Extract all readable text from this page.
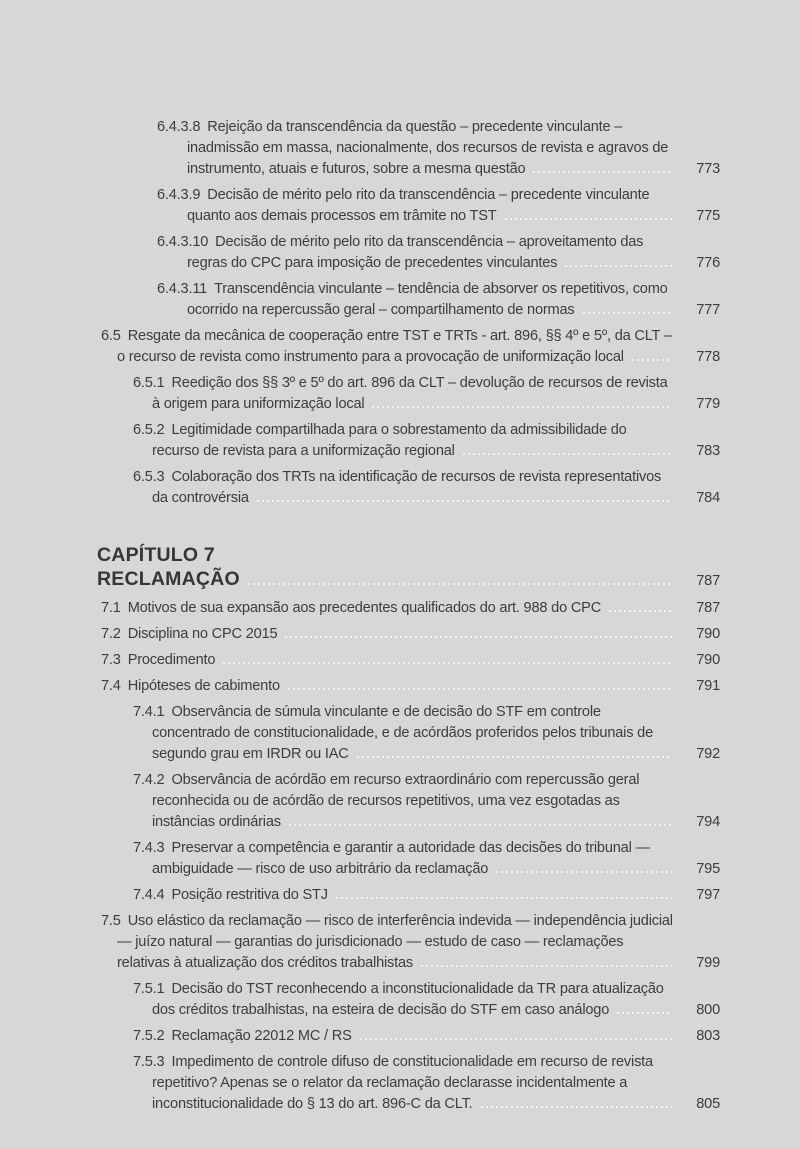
6.4.3.8 Rejeição da transcendência da questão – precedente vinculante – inadmissão em massa, nacionalmente, dos recursos de revista e agravos de instrumento, atuais e futuros, sobre a mesma questão	773
6.4.3.9 Decisão de mérito pelo rito da transcendência – precedente vinculante quanto aos demais processos em trâmite no TST	775
6.4.3.10 Decisão de mérito pelo rito da transcendência – aproveitamento das regras do CPC para imposição de precedentes vinculantes	776
6.4.3.11 Transcendência vinculante – tendência de absorver os repetitivos, como ocorrido na repercussão geral – compartilhamento de normas	777
6.5 Resgate da mecânica de cooperação entre TST e TRTs - art. 896, §§ 4º e 5º, da CLT – o recurso de revista como instrumento para a provocação de uniformização local	778
6.5.1 Reedição dos §§ 3º e 5º do art. 896 da CLT – devolução de recursos de revista à origem para uniformização local	779
6.5.2 Legitimidade compartilhada para o sobrestamento da admissibilidade do recurso de revista para a uniformização regional	783
6.5.3 Colaboração dos TRTs na identificação de recursos de revista representativos da controvérsia	784
CAPÍTULO 7
RECLAMAÇÃO	787
7.1 Motivos de sua expansão aos precedentes qualificados do art. 988 do CPC	787
7.2 Disciplina no CPC 2015	790
7.3 Procedimento	790
7.4 Hipóteses de cabimento	791
7.4.1 Observância de súmula vinculante e de decisão do STF em controle concentrado de constitucionalidade, e de acórdãos proferidos pelos tribunais de segundo grau em IRDR ou IAC	792
7.4.2 Observância de acórdão em recurso extraordinário com repercussão geral reconhecida ou de acórdão de recursos repetitivos, uma vez esgotadas as instâncias ordinárias	794
7.4.3 Preservar a competência e garantir a autoridade das decisões do tribunal — ambiguidade — risco de uso arbitrário da reclamação	795
7.4.4 Posição restritiva do STJ	797
7.5 Uso elástico da reclamação — risco de interferência indevida — independência judicial — juízo natural — garantias do jurisdicionado — estudo de caso — reclamações relativas à atualização dos créditos trabalhistas	799
7.5.1 Decisão do TST reconhecendo a inconstitucionalidade da TR para atualização dos créditos trabalhistas, na esteira de decisão do STF em caso análogo	800
7.5.2 Reclamação 22012 MC / RS	803
7.5.3 Impedimento de controle difuso de constitucionalidade em recurso de revista repetitivo? Apenas se o relator da reclamação declarasse incidentalmente a inconstitucionalidade do § 13 do art. 896-C da CLT.	805
